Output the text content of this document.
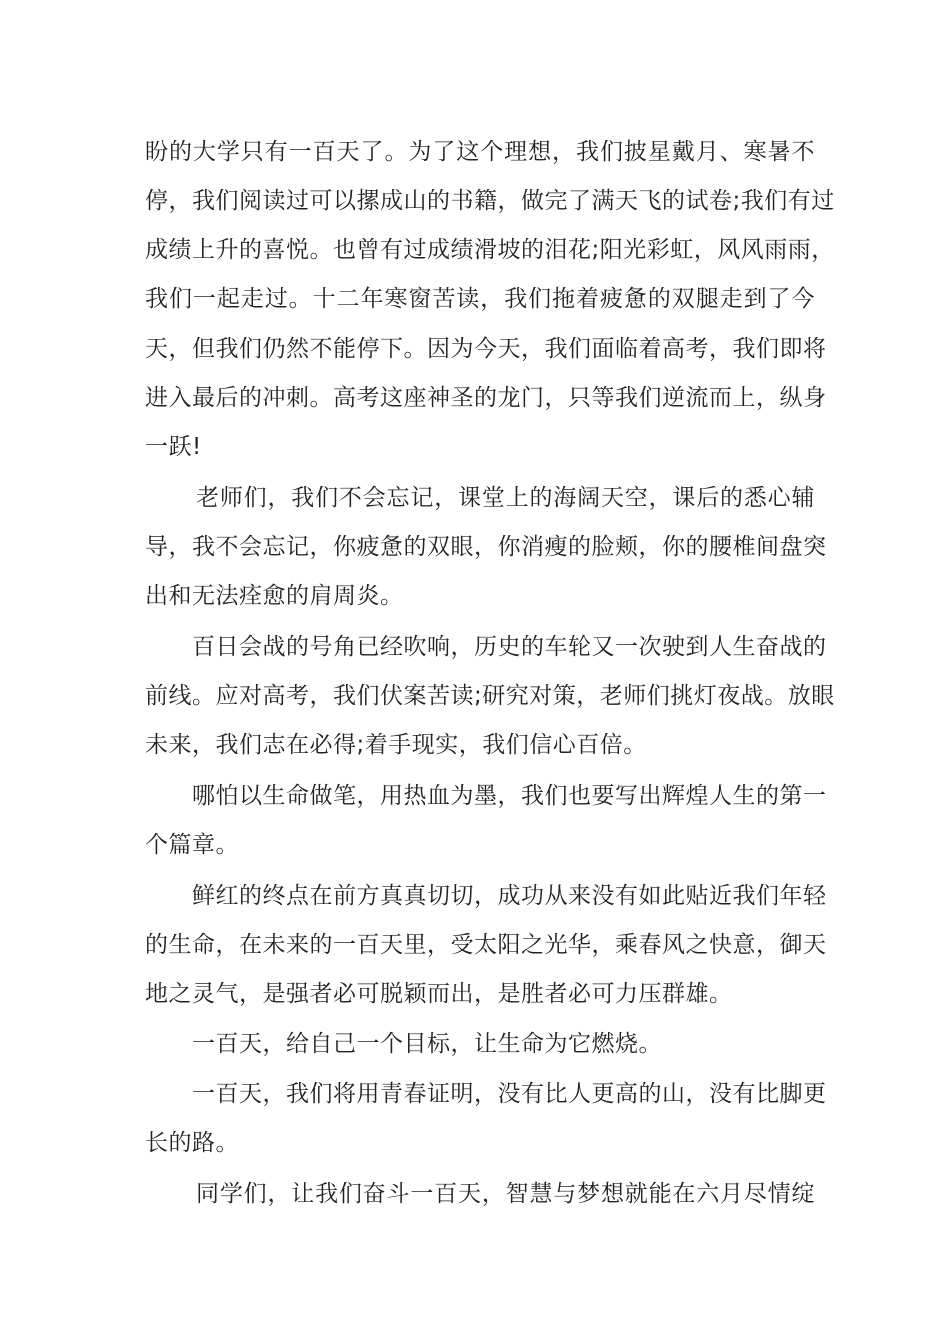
盼的大学只有一百天了。为了这个理想，我们披星戴月、寒暑不
停，我们阅读过可以摞成山的书籍，做完了满天飞的试卷;我们有过
成绩上升的喜悦。也曾有过成绩滑坡的泪花;阳光彩虹，风风雨雨，
我们一起走过。十二年寒窗苦读，我们拖着疲惫的双腿走到了今
天，但我们仍然不能停下。因为今天，我们面临着高考，我们即将
进入最后的冲刺。高考这座神圣的龙门，只等我们逆流而上，纵身
一跃!
老师们，我们不会忘记，课堂上的海阔天空，课后的悉心辅
导，我不会忘记，你疲惫的双眼，你消瘦的脸颊，你的腰椎间盘突
出和无法痊愈的肩周炎。
百日会战的号角已经吹响，历史的车轮又一次驶到人生奋战的
前线。应对高考，我们伏案苦读;研究对策，老师们挑灯夜战。放眼
未来，我们志在必得;着手现实，我们信心百倍。
哪怕以生命做笔，用热血为墨，我们也要写出辉煌人生的第一
个篇章。
鲜红的终点在前方真真切切，成功从来没有如此贴近我们年轻
的生命，在未来的一百天里，受太阳之光华，乘春风之快意，御天
地之灵气，是强者必可脱颖而出，是胜者必可力压群雄。
一百天，给自己一个目标，让生命为它燃烧。
一百天，我们将用青春证明，没有比人更高的山，没有比脚更
长的路。
同学们，让我们奋斗一百天，智慧与梦想就能在六月尽情绽
